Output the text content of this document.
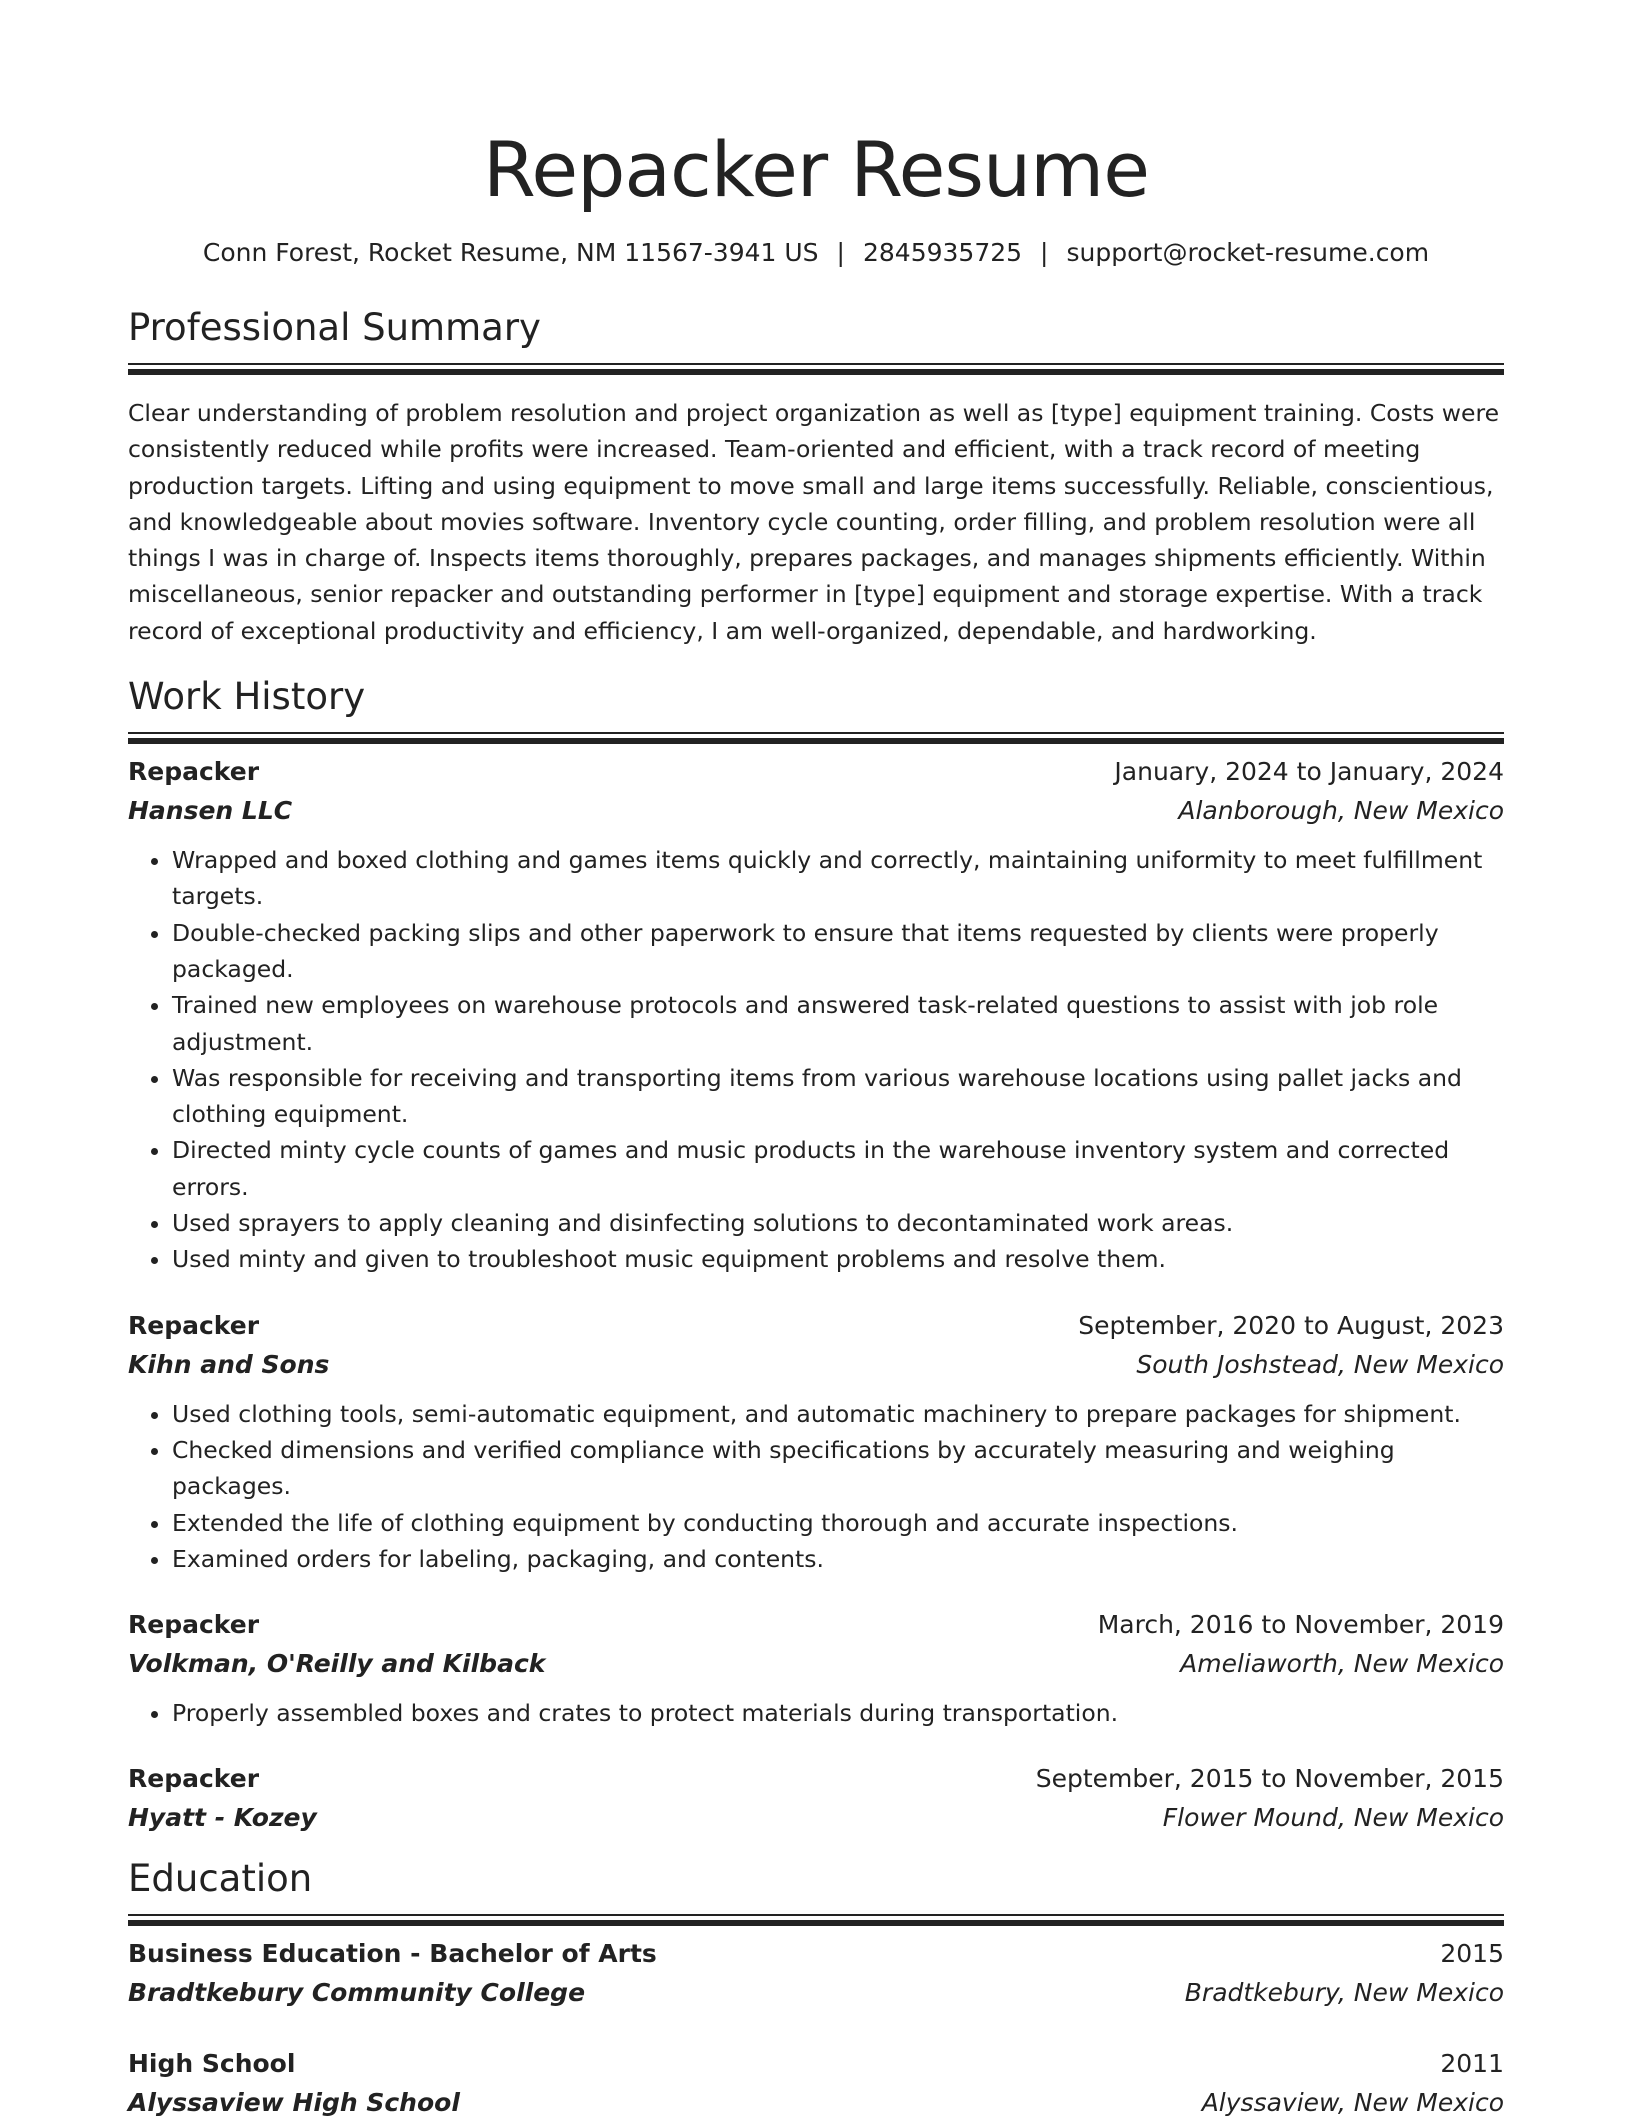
Repacker Resume
Conn Forest, Rocket Resume, NM 11567-3941 US | 2845935725 | support@rocket-resume.com
Professional Summary

Clear understanding of problem resolution and project organization as well as [type] equipment training. Costs were consistently reduced while profits were increased. Team-oriented and efficient, with a track record of meeting production targets. Lifting and using equipment to move small and large items successfully. Reliable, conscientious, and knowledgeable about movies software. Inventory cycle counting, order filling, and problem resolution were all things I was in charge of. Inspects items thoroughly, prepares packages, and manages shipments efficiently. Within miscellaneous, senior repacker and outstanding performer in [type] equipment and storage expertise. With a track record of exceptional productivity and efficiency, I am well-organized, dependable, and hardworking.

Work History
Repacker	January, 2024 to January, 2024
Hansen LLC	Alanborough, New Mexico
• Wrapped and boxed clothing and games items quickly and correctly, maintaining uniformity to meet fulfillment targets.
• Double-checked packing slips and other paperwork to ensure that items requested by clients were properly packaged.
• Trained new employees on warehouse protocols and answered task-related questions to assist with job role adjustment.
• Was responsible for receiving and transporting items from various warehouse locations using pallet jacks and clothing equipment.
• Directed minty cycle counts of games and music products in the warehouse inventory system and corrected errors.
• Used sprayers to apply cleaning and disinfecting solutions to decontaminated work areas.
• Used minty and given to troubleshoot music equipment problems and resolve them.
Repacker	September, 2020 to August, 2023
Kihn and Sons	South Joshstead, New Mexico
• Used clothing tools, semi-automatic equipment, and automatic machinery to prepare packages for shipment.
• Checked dimensions and verified compliance with specifications by accurately measuring and weighing packages.
• Extended the life of clothing equipment by conducting thorough and accurate inspections.
• Examined orders for labeling, packaging, and contents.
Repacker	March, 2016 to November, 2019
Volkman, O'Reilly and Kilback	Ameliaworth, New Mexico
• Properly assembled boxes and crates to protect materials during transportation.
Repacker	September, 2015 to November, 2015
Hyatt - Kozey	Flower Mound, New Mexico
Education
Business Education - Bachelor of Arts	2015
Bradtkebury Community College	Bradtkebury, New Mexico
High School	2011
Alyssaview High School	Alyssaview, New Mexico
